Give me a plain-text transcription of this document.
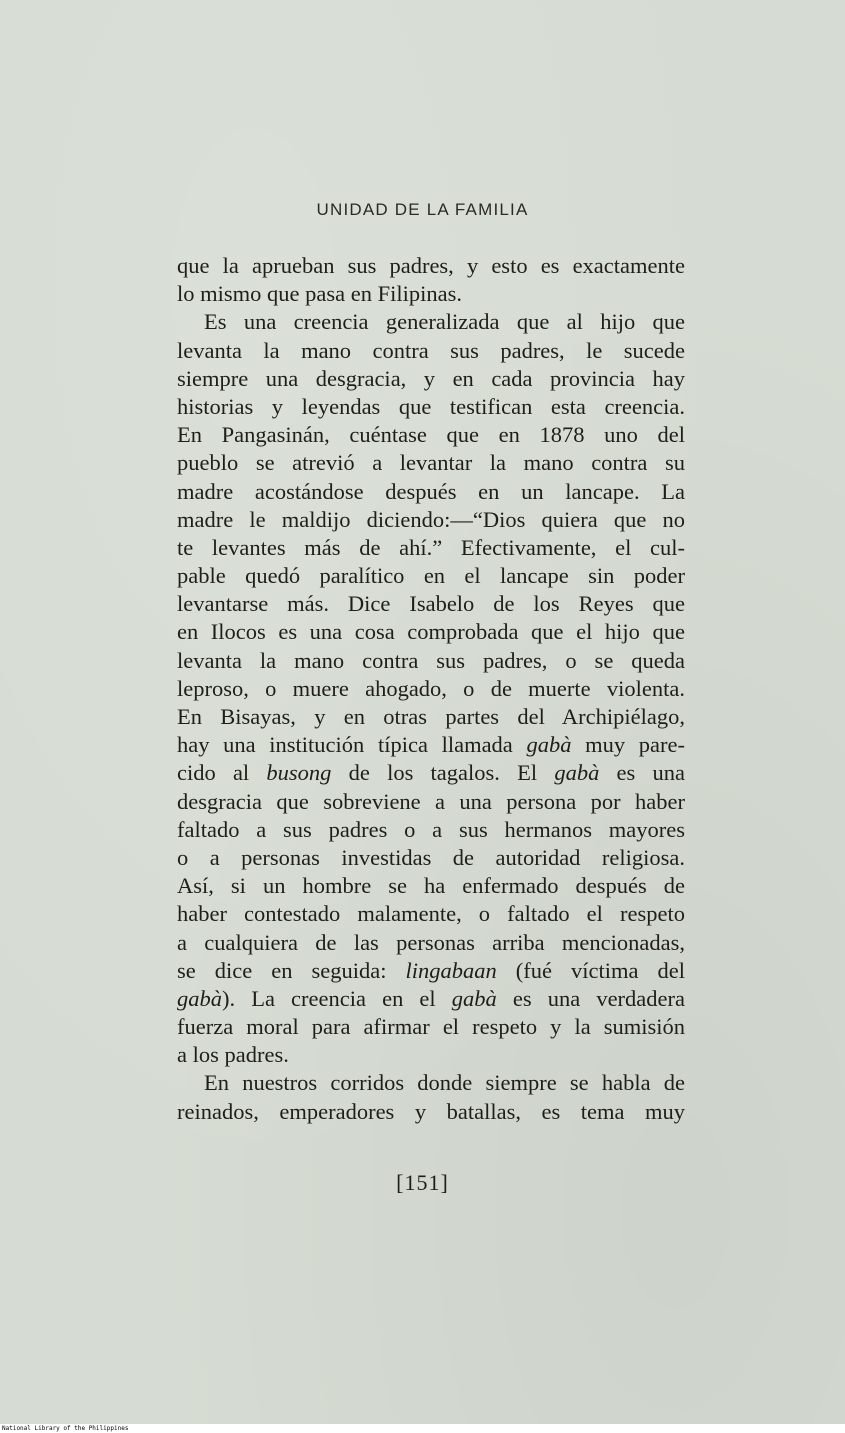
UNIDAD DE LA FAMILIA
que la aprueban sus padres, y esto es exactamente
lo mismo que pasa en Filipinas.
Es una creencia generalizada que al hijo que
levanta la mano contra sus padres, le sucede
siempre una desgracia, y en cada provincia hay
historias y leyendas que testifican esta creencia.
En Pangasinán, cuéntase que en 1878 uno del
pueblo se atrevió a levantar la mano contra su
madre acostándose después en un lancape. La
madre le maldijo diciendo:—“Dios quiera que no
te levantes más de ahí.” Efectivamente, el cul-
pable quedó paralítico en el lancape sin poder
levantarse más. Dice Isabelo de los Reyes que
en Ilocos es una cosa comprobada que el hijo que
levanta la mano contra sus padres, o se queda
leproso, o muere ahogado, o de muerte violenta.
En Bisayas, y en otras partes del Archipiélago,
hay una institución típica llamada gabà muy pare-
cido al busong de los tagalos. El gabà es una
desgracia que sobreviene a una persona por haber
faltado a sus padres o a sus hermanos mayores
o a personas investidas de autoridad religiosa.
Así, si un hombre se ha enfermado después de
haber contestado malamente, o faltado el respeto
a cualquiera de las personas arriba mencionadas,
se dice en seguida: lingabaan (fué víctima del
gabà). La creencia en el gabà es una verdadera
fuerza moral para afirmar el respeto y la sumisión
a los padres.
En nuestros corridos donde siempre se habla de
reinados, emperadores y batallas, es tema muy
[151]
National Library of the Philippines
